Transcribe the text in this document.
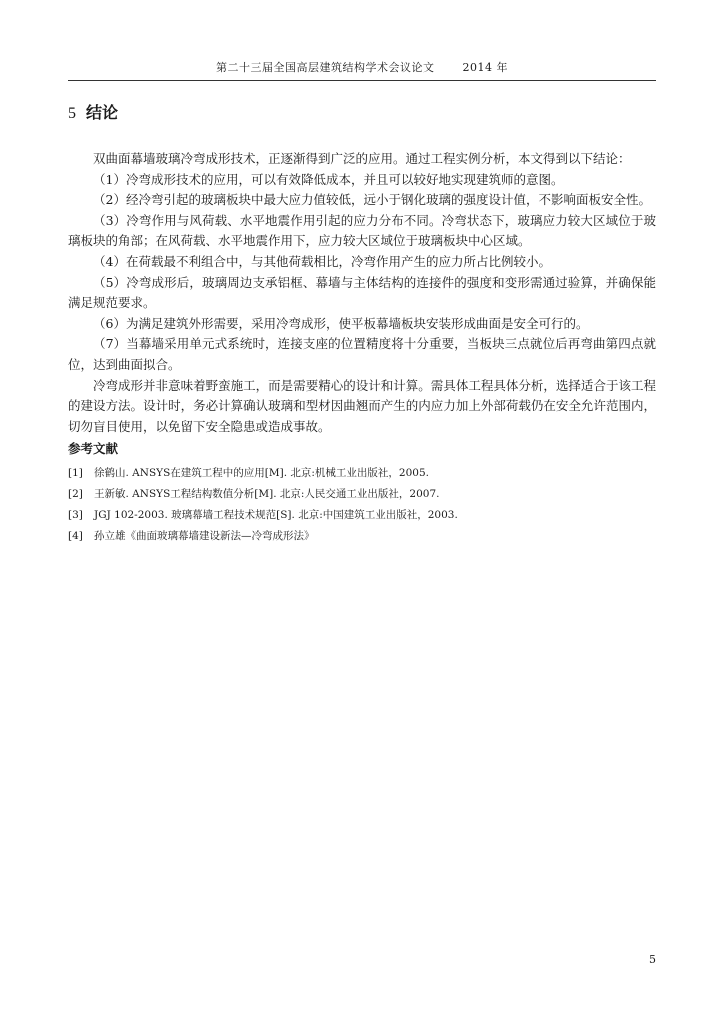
第二十三届全国高层建筑结构学术会议论文	2014 年
5 结论

双曲面幕墙玻璃冷弯成形技术，正逐渐得到广泛的应用。通过工程实例分析，本文得到以下结论：

（1）冷弯成形技术的应用，可以有效降低成本，并且可以较好地实现建筑师的意图。

（2）经冷弯引起的玻璃板块中最大应力值较低，远小于钢化玻璃的强度设计值，不影响面板安全性。

（3）冷弯作用与风荷载、水平地震作用引起的应力分布不同。冷弯状态下，玻璃应力较大区域位于玻璃板块的角部；在风荷载、水平地震作用下，应力较大区域位于玻璃板块中心区域。

（4）在荷载最不利组合中，与其他荷载相比，冷弯作用产生的应力所占比例较小。

（5）冷弯成形后，玻璃周边支承铝框、幕墙与主体结构的连接件的强度和变形需通过验算，并确保能满足规范要求。

（6）为满足建筑外形需要，采用冷弯成形，使平板幕墙板块安装形成曲面是安全可行的。

（7）当幕墙采用单元式系统时，连接支座的位置精度将十分重要，当板块三点就位后再弯曲第四点就位，达到曲面拟合。

冷弯成形并非意味着野蛮施工，而是需要精心的设计和计算。需具体工程具体分析，选择适合于该工程的建设方法。设计时，务必计算确认玻璃和型材因曲翘而产生的内应力加上外部荷载仍在安全允许范围内，切勿盲目使用，以免留下安全隐患或造成事故。

参考文献
[1]	徐鹤山. ANSYS在建筑工程中的应用[M]. 北京:机械工业出版社，2005.
[2]	王新敏. ANSYS工程结构数值分析[M]. 北京:人民交通工业出版社，2007.
[3]	JGJ 102-2003. 玻璃幕墙工程技术规范[S]. 北京:中国建筑工业出版社，2003.
[4]	孙立雄《曲面玻璃幕墙建设新法—冷弯成形法》
5
